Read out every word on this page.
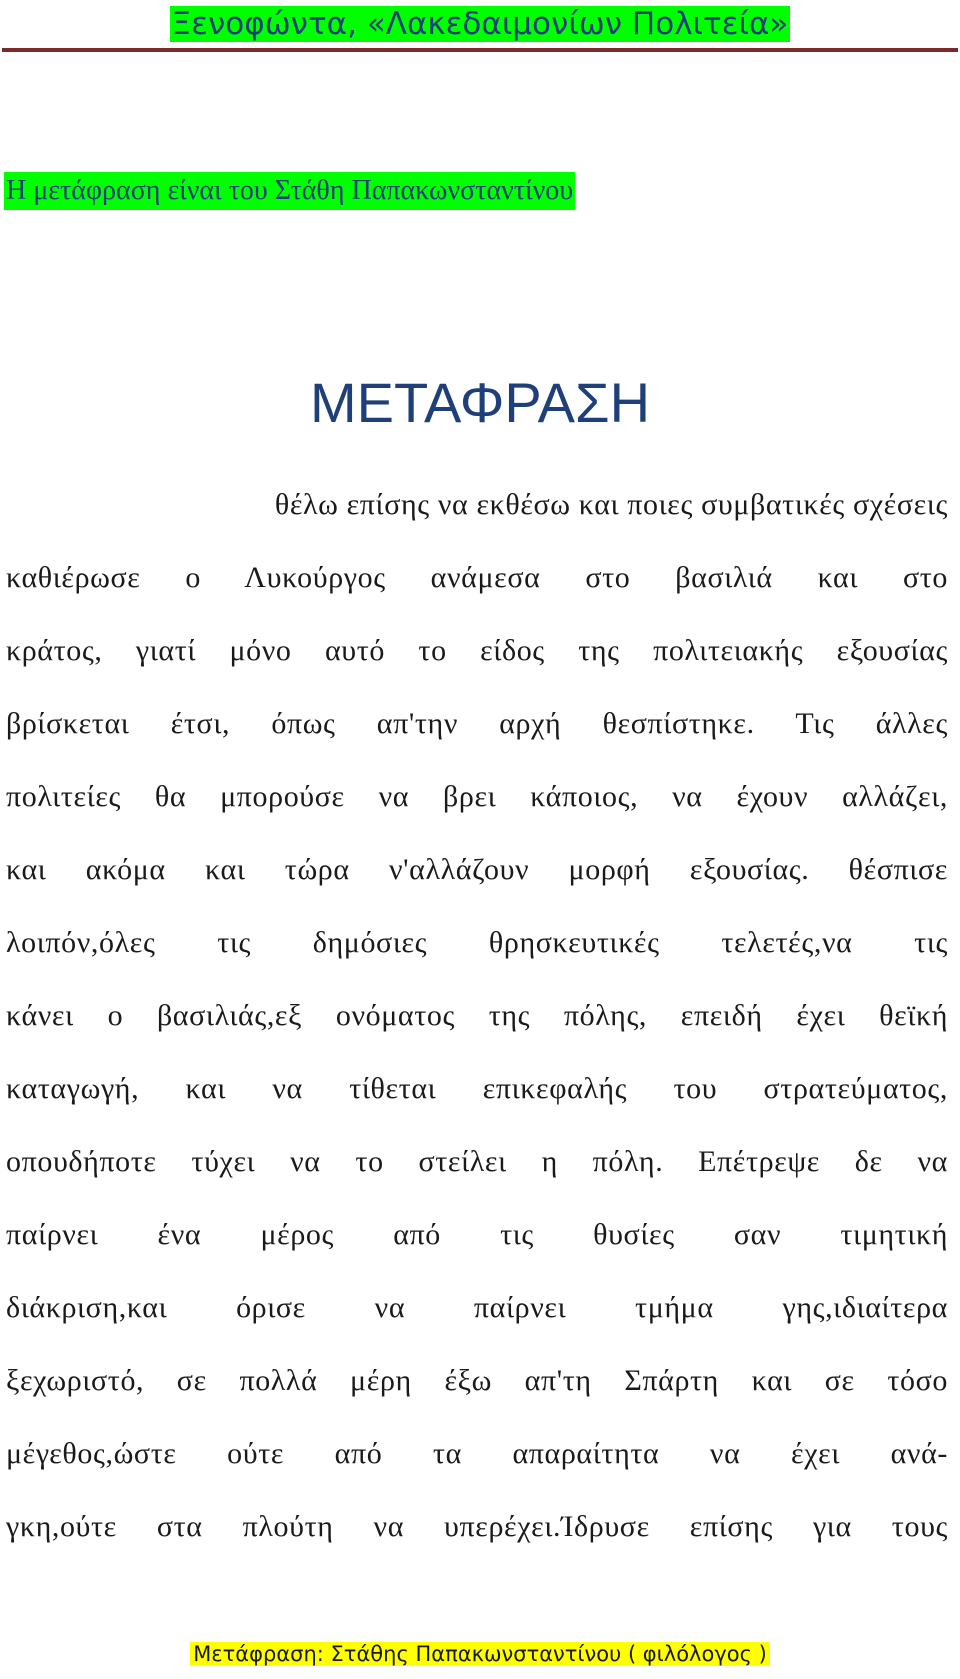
Ξενοφώντα, «Λακεδαιμονίων Πολιτεία»
Η μετάφραση είναι του Στάθη Παπακωνσταντίνου
ΜΕΤΑΦΡΑΣΗ
θέλω επίσης να εκθέσω και ποιες συμβατικές σχέσεις
καθιέρωσε ο Λυκούργος ανάμεσα στο βασιλιά και στο
κράτος, γιατί μόνο αυτό το είδος της πολιτειακής εξουσίας
βρίσκεται έτσι, όπως απ'την αρχή θεσπίστηκε. Τις άλλες
πολιτείες θα μπορούσε να βρει κάποιος, να έχουν αλλάζει,
και ακόμα και τώρα ν'αλλάζουν μορφή εξουσίας. θέσπισε
λοιπόν,όλες τις δημόσιες θρησκευτικές τελετές,να τις
κάνει ο βασιλιάς,εξ ονόματος της πόλης, επειδή έχει θεϊκή
καταγωγή, και να τίθεται επικεφαλής του στρατεύματος,
οπουδήποτε τύχει να το στείλει η πόλη. Επέτρεψε δε να
παίρνει ένα μέρος από τις θυσίες σαν τιμητική
διάκριση,και όρισε να παίρνει τμήμα γης,ιδιαίτερα
ξεχωριστό, σε πολλά μέρη έξω απ'τη Σπάρτη και σε τόσο
μέγεθος,ώστε ούτε από τα απαραίτητα να έχει ανά-
γκη,ούτε στα πλούτη να υπερέχει.Ίδρυσε επίσης για τους
Μετάφραση: Στάθης Παπακωνσταντίνου ( φιλόλογος )
